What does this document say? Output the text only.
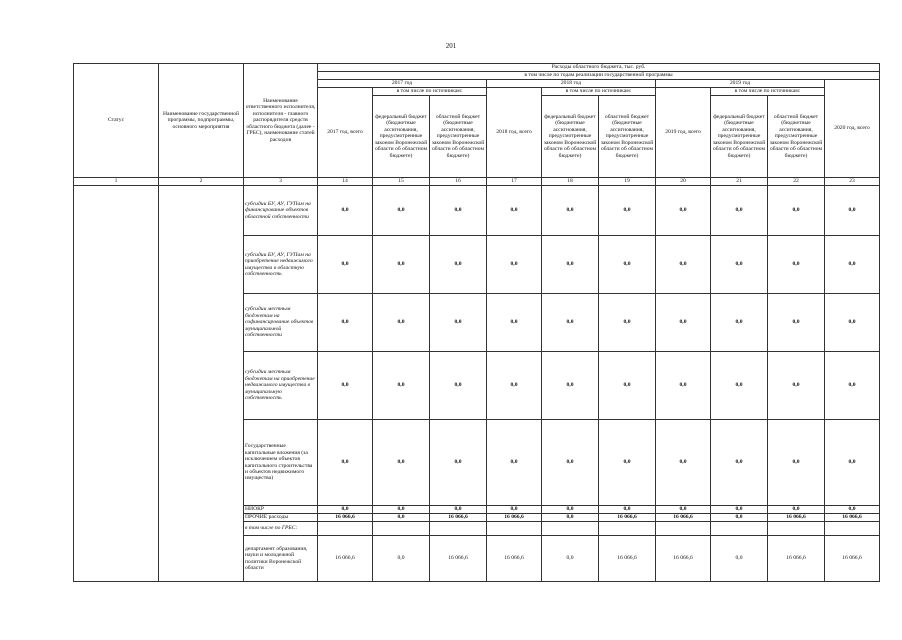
201
Статус	Наименование государственной программы, подпрограммы, основного мероприятия	Наименование ответственного исполнителя, исполнителя - главного распорядителя средств областного бюджета (далее - ГРБС), наименование статей расходов	Расходы областного бюджета, тыс. руб.									
			в том числе по годам реализации государственной программы									
			2017 год			2018 год			2019 год			2020 год, всего
			2017 год, всего	в том числе по источникам:		2018 год, всего	в том числе по источникам:		2019 год, всего	в том числе по источникам:		
				федеральный бюджет (бюджетные ассигнования, предусмотренные законом Воронежской области об областном бюджете)	областной бюджет (бюджетные ассигнования, предусмотренные законом Воронежской области об областном бюджете)		федеральный бюджет (бюджетные ассигнования, предусмотренные законом Воронежской области об областном бюджете)	областной бюджет (бюджетные ассигнования, предусмотренные законом Воронежской области об областном бюджете)		федеральный бюджет (бюджетные ассигнования, предусмотренные законом Воронежской области об областном бюджете)	областной бюджет (бюджетные ассигнования, предусмотренные законом Воронежской области об областном бюджете)	
1	2	3	14	15	16	17	18	19	20	21	22	23
		субсидии БУ, АУ, ГУПам на финансирование объектов областной собственности	0,0	0,0	0,0	0,0	0,0	0,0	0,0	0,0	0,0	0,0
		субсидии БУ, АУ, ГУПам на приобретение недвижимого имущества в областную собственность	0,0	0,0	0,0	0,0	0,0	0,0	0,0	0,0	0,0	0,0
		субсидии местным бюджетам на софинансирование объектов муниципальной собственности	0,0	0,0	0,0	0,0	0,0	0,0	0,0	0,0	0,0	0,0
		субсидии местным бюджетам на приобретение недвижимого имущества в муниципальную собственность	0,0	0,0	0,0	0,0	0,0	0,0	0,0	0,0	0,0	0,0
		Государственные капитальные вложения (за исключением объектов капитального строительства и объектов недвижимого имущества)	0,0	0,0	0,0	0,0	0,0	0,0	0,0	0,0	0,0	0,0
		НИОКР	0,0	0,0	0,0	0,0	0,0	0,0	0,0	0,0	0,0	0,0
		ПРОЧИЕ расходы	16 066,6	0,0	16 066,6	16 066,6	0,0	16 066,6	16 066,6	0,0	16 066,6	16 066,6
		в том числе по ГРБС:										
		департамент образования, науки и молодежной политики Воронежской области	16 066,6	0,0	16 066,6	16 066,6	0,0	16 066,6	16 066,6	0,0	16 066,6	16 066,6
